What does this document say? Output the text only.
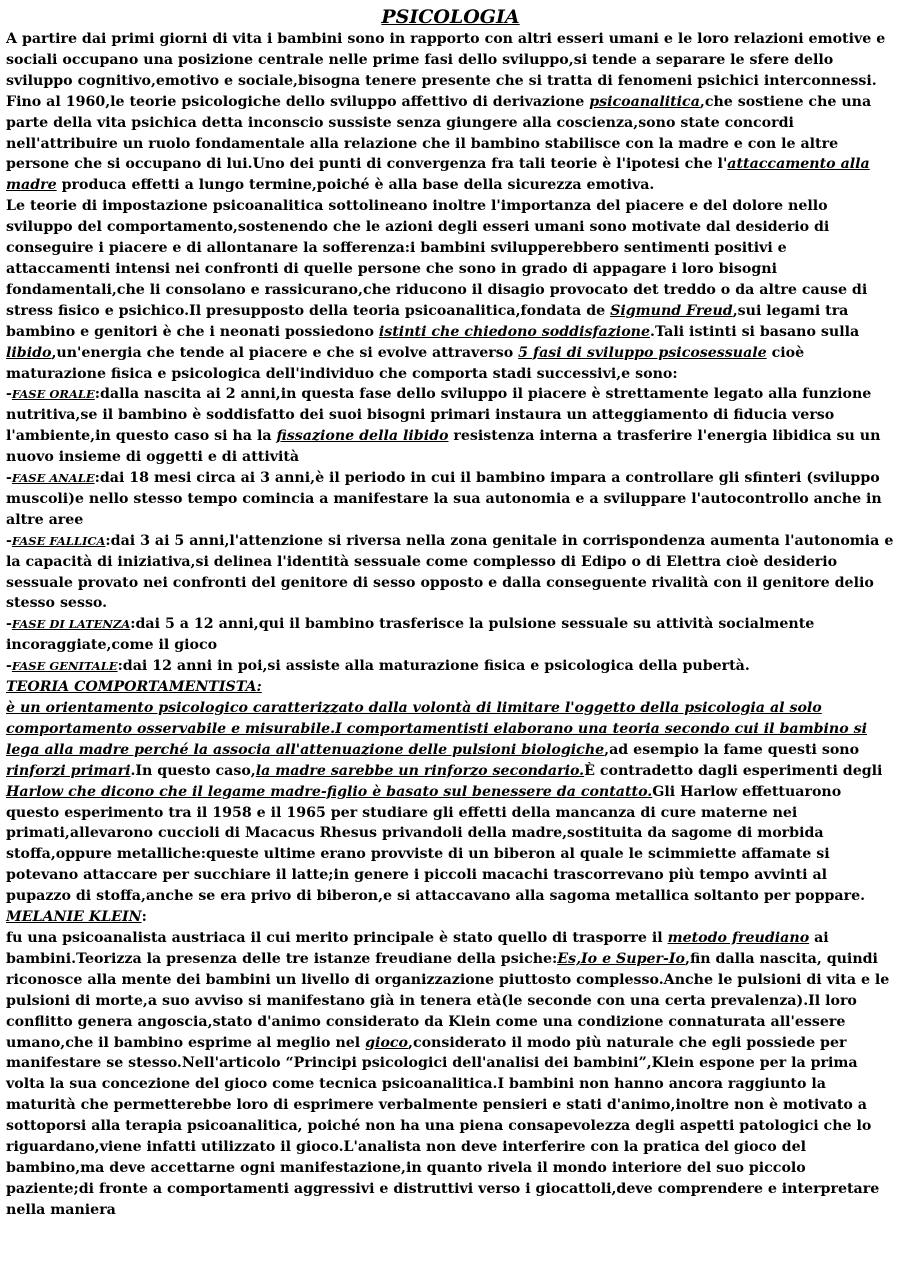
PSICOLOGIA

A partire dai primi giorni di vita i bambini sono in rapporto con altri esseri umani e le loro relazioni emotive e sociali occupano una posizione centrale nelle prime fasi dello sviluppo,si tende a separare le sfere dello sviluppo cognitivo,emotivo e sociale,bisogna tenere presente che si tratta di fenomeni psichici interconnessi.

Fino al 1960,le teorie psicologiche dello sviluppo affettivo di derivazione psicoanalitica,che sostiene che una parte della vita psichica detta inconscio sussiste senza giungere alla coscienza,sono state concordi nell'attribuire un ruolo fondamentale alla relazione che il bambino stabilisce con la madre e con le altre persone che si occupano di lui.Uno dei punti di convergenza fra tali teorie è l'ipotesi che l'attaccamento alla madre produca effetti a lungo termine,poiché è alla base della sicurezza emotiva.

Le teorie di impostazione psicoanalitica sottolineano inoltre l'importanza del piacere e del dolore nello sviluppo del comportamento,sostenendo che le azioni degli esseri umani sono motivate dal desiderio di conseguire i piacere e di allontanare la sofferenza:i bambini svilupperebbero sentimenti positivi e attaccamenti intensi nei confronti di quelle persone che sono in grado di appagare i loro bisogni fondamentali,che li consolano e rassicurano,che riducono il disagio provocato det treddo o da altre cause di stress fisico e psichico.Il presupposto della teoria psicoanalitica,fondata de Sigmund Freud,sui legami tra bambino e genitori è che i neonati possiedono istinti che chiedono soddisfazione.Tali istinti si basano sulla libido,un'energia che tende al piacere e che si evolve attraverso 5 fasi di sviluppo psicosessuale cioè maturazione fisica e psicologica dell'individuo che comporta stadi successivi,e sono:

-FASE ORALE:dalla nascita ai 2 anni,in questa fase dello sviluppo il piacere è strettamente legato alla funzione nutritiva,se il bambino è soddisfatto dei suoi bisogni primari instaura un atteggiamento di fiducia verso l'ambiente,in questo caso si ha la fissazione della libido resistenza interna a trasferire l'energia libidica su un nuovo insieme di oggetti e di attività

-FASE ANALE:dai 18 mesi circa ai 3 anni,è il periodo in cui il bambino impara a controllare gli sfinteri (sviluppo muscoli)e nello stesso tempo comincia a manifestare la sua autonomia e a sviluppare l'autocontrollo anche in altre aree

-FASE FALLICA:dai 3 ai 5 anni,l'attenzione si riversa nella zona genitale in corrispondenza aumenta l'autonomia e la capacità di iniziativa,si delinea l'identità sessuale come complesso di Edipo o di Elettra cioè desiderio sessuale provato nei confronti del genitore di sesso opposto e dalla conseguente rivalità con il genitore delio stesso sesso.

-FASE DI LATENZA:dai 5 a 12 anni,qui il bambino trasferisce la pulsione sessuale su attività socialmente incoraggiate,come il gioco

-FASE GENITALE:dai 12 anni in poi,si assiste alla maturazione fisica e psicologica della pubertà.

TEORIA COMPORTAMENTISTA:

è un orientamento psicologico caratterizzato dalla volontà di limitare l'oggetto della psicologia al solo comportamento osservabile e misurabile.I comportamentisti elaborano una teoria secondo cui il bambino si lega alla madre perché la associa all'attenuazione delle pulsioni biologiche,ad esempio la fame questi sono rinforzi primari.In questo caso,la madre sarebbe un rinforzo secondario.È contradetto dagli esperimenti degli Harlow che dicono che il legame madre-figlio è basato sul benessere da contatto.Gli Harlow effettuarono questo esperimento tra il 1958 e il 1965 per studiare gli effetti della mancanza di cure materne nei primati,allevarono cuccioli di Macacus Rhesus privandoli della madre,sostituita da sagome di morbida stoffa,oppure metalliche:queste ultime erano provviste di un biberon al quale le scimmiette affamate si potevano attaccare per succhiare il latte;in genere i piccoli macachi trascorrevano più tempo avvinti al pupazzo di stoffa,anche se era privo di biberon,e si attaccavano alla sagoma metallica soltanto per poppare.

MELANIE KLEIN:

fu una psicoanalista austriaca il cui merito principale è stato quello di trasporre il metodo freudiano ai bambini.Teorizza la presenza delle tre istanze freudiane della psiche:Es,Io e Super-Io,fin dalla nascita, quindi riconosce alla mente dei bambini un livello di organizzazione piuttosto complesso.Anche le pulsioni di vita e le pulsioni di morte,a suo avviso si manifestano già in tenera età(le seconde con una certa prevalenza).Il loro conflitto genera angoscia,stato d'animo considerato da Klein come una condizione connaturata all'essere umano,che il bambino esprime al meglio nel gioco,considerato il modo più naturale che egli possiede per manifestare se stesso.Nell'articolo “Principi psicologici dell'analisi dei bambini”,Klein espone per la prima volta la sua concezione del gioco come tecnica psicoanalitica.I bambini non hanno ancora raggiunto la maturità che permetterebbe loro di esprimere verbalmente pensieri e stati d'animo,inoltre non è motivato a sottoporsi alla terapia psicoanalitica, poiché non ha una piena consapevolezza degli aspetti patologici che lo riguardano,viene infatti utilizzato il gioco.L'analista non deve interferire con la pratica del gioco del bambino,ma deve accettarne ogni manifestazione,in quanto rivela il mondo interiore del suo piccolo paziente;di fronte a comportamenti aggressivi e distruttivi verso i giocattoli,deve comprendere e interpretare nella maniera
